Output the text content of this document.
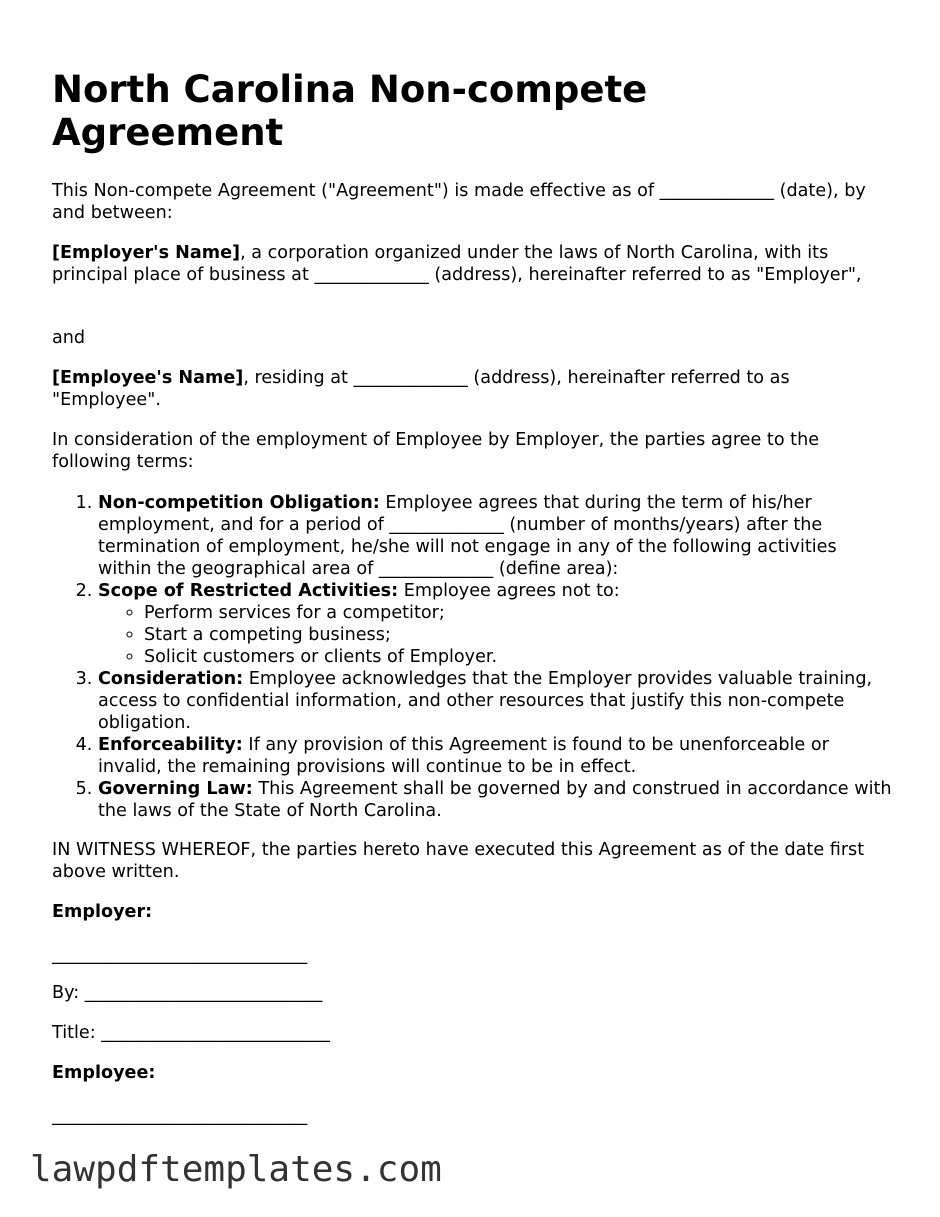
North Carolina Non-compete Agreement

This Non-compete Agreement ("Agreement") is made effective as of _____________ (date), by and between:

[Employer's Name], a corporation organized under the laws of North Carolina, with its principal place of business at _____________ (address), hereinafter referred to as "Employer",

and

[Employee's Name], residing at _____________ (address), hereinafter referred to as "Employee".

In consideration of the employment of Employee by Employer, the parties agree to the following terms:

1. Non-competition Obligation: Employee agrees that during the term of his/her employment, and for a period of _____________ (number of months/years) after the termination of employment, he/she will not engage in any of the following activities within the geographical area of _____________ (define area):
2. Scope of Restricted Activities: Employee agrees not to:
◦ Perform services for a competitor;
◦ Start a competing business;
◦ Solicit customers or clients of Employer.
3. Consideration: Employee acknowledges that the Employer provides valuable training, access to confidential information, and other resources that justify this non-compete obligation.
4. Enforceability: If any provision of this Agreement is found to be unenforceable or invalid, the remaining provisions will continue to be in effect.
5. Governing Law: This Agreement shall be governed by and construed in accordance with the laws of the State of North Carolina.

IN WITNESS WHEREOF, the parties hereto have executed this Agreement as of the date first above written.

Employer:

_____________________________

By: ___________________________

Title: __________________________

Employee:

_____________________________

lawpdftemplates.com
